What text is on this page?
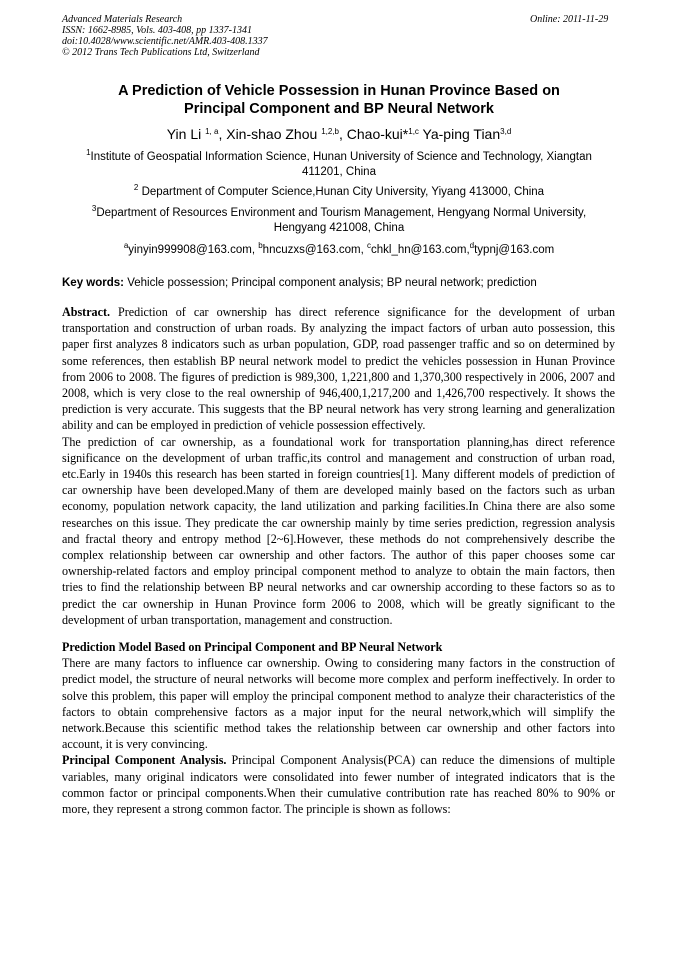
Advanced Materials Research
ISSN: 1662-8985, Vols. 403-408, pp 1337-1341
doi:10.4028/www.scientific.net/AMR.403-408.1337
© 2012 Trans Tech Publications Ltd, Switzerland
Online: 2011-11-29
A Prediction of Vehicle Possession in Hunan Province Based on
Principal Component and BP Neural Network
Yin Li $^{1, a}$, Xin-shao Zhou $^{1,2,b}$, Chao-kui*$^{1,c}$ Ya-ping Tian$^{3,d}$
$^1$Institute of Geospatial Information Science, Hunan University of Science and Technology, Xiangtan
411201, China
$^2$ Department of Computer Science,Hunan City University, Yiyang 413000, China
$^3$Department of Resources Environment and Tourism Management, Hengyang Normal University,
Hengyang 421008, China
$^a$yinyin999908@163.com, $^b$hncuzxs@163.com, $^c$chkl_hn@163.com,$^d$typnj@163.com
Key words: Vehicle possession; Principal component analysis; BP neural network; prediction

Abstract. Prediction of car ownership has direct reference significance for the development of urban transportation and construction of urban roads. By analyzing the impact factors of urban auto possession, this paper first analyzes 8 indicators such as urban population, GDP, road passenger traffic and so on determined by some references, then establish BP neural network model to predict the vehicles possession in Hunan Province from 2006 to 2008. The figures of prediction is 989,300, 1,221,800 and 1,370,300 respectively in 2006, 2007 and 2008, which is very close to the real ownership of 946,400,1,217,200 and 1,426,700 respectively. It shows the prediction is very accurate. This suggests that the BP neural network has very strong learning and generalization ability and can be employed in prediction of vehicle possession effectively.

The prediction of car ownership, as a foundational work for transportation planning,has direct reference significance on the development of urban traffic,its control and management and construction of urban road, etc.Early in 1940s this research has been started in foreign countries[1]. Many different models of prediction of car ownership have been developed.Many of them are developed mainly based on the factors such as urban economy, population network capacity, the land utilization and parking facilities.In China there are also some researches on this issue. They predicate the car ownership mainly by time series prediction, regression analysis and fractal theory and entropy method [2~6].However, these methods do not comprehensively describe the complex relationship between car ownership and other factors. The author of this paper chooses some car ownership-related factors and employ principal component method to analyze to obtain the main factors, then tries to find the relationship between BP neural networks and car ownership according to these factors so as to predict the car ownership in Hunan Province form 2006 to 2008, which will be greatly significant to the development of urban transportation, management and construction.

Prediction Model Based on Principal Component and BP Neural Network

There are many factors to influence car ownership. Owing to considering many factors in the construction of predict model, the structure of neural networks will become more complex and perform ineffectively. In order to solve this problem, this paper will employ the principal component method to analyze their characteristics of the factors to obtain comprehensive factors as a major input for the neural network,which will simplify the network.Because this scientific method takes the relationship between car ownership and other factors into account, it is very convincing.

Principal Component Analysis. Principal Component Analysis(PCA) can reduce the dimensions of multiple variables, many original indicators were consolidated into fewer number of integrated indicators that is the common factor or principal components.When their cumulative contribution rate has reached 80% to 90% or more, they represent a strong common factor. The principle is shown as follows:
